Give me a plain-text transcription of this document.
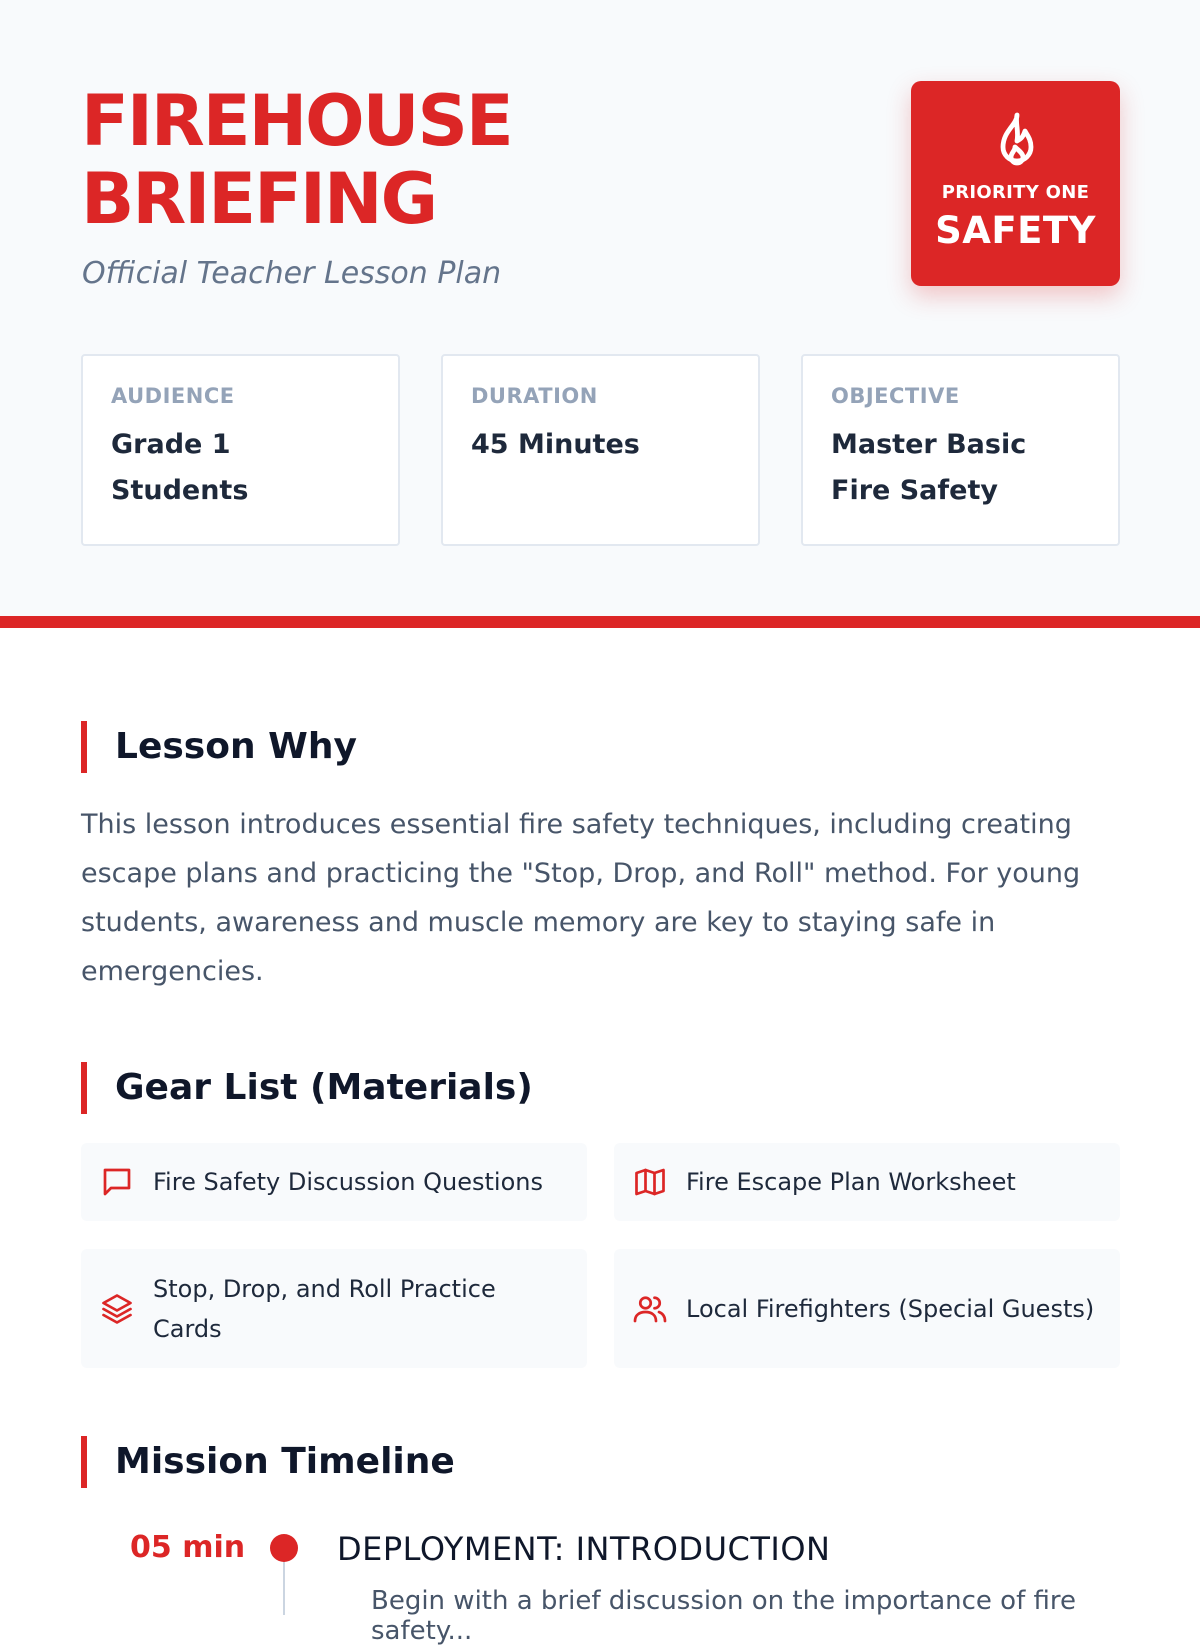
FIREHOUSE
BRIEFING
Official Teacher Lesson Plan
PRIORITY ONE
SAFETY
AUDIENCE
Grade 1 Students
DURATION
45 Minutes
OBJECTIVE
Master Basic Fire Safety
Lesson Why

This lesson introduces essential fire safety techniques, including creating escape plans and practicing the "Stop, Drop, and Roll" method. For young students, awareness and muscle memory are key to staying safe in emergencies.

Gear List (Materials)
Fire Safety Discussion Questions	Fire Escape Plan Worksheet
Stop, Drop, and Roll Practice Cards
Local Firefighters (Special Guests)
Mission Timeline
05 min	DEPLOYMENT: INTRODUCTION
Begin with a brief discussion on the importance of fire safety...
